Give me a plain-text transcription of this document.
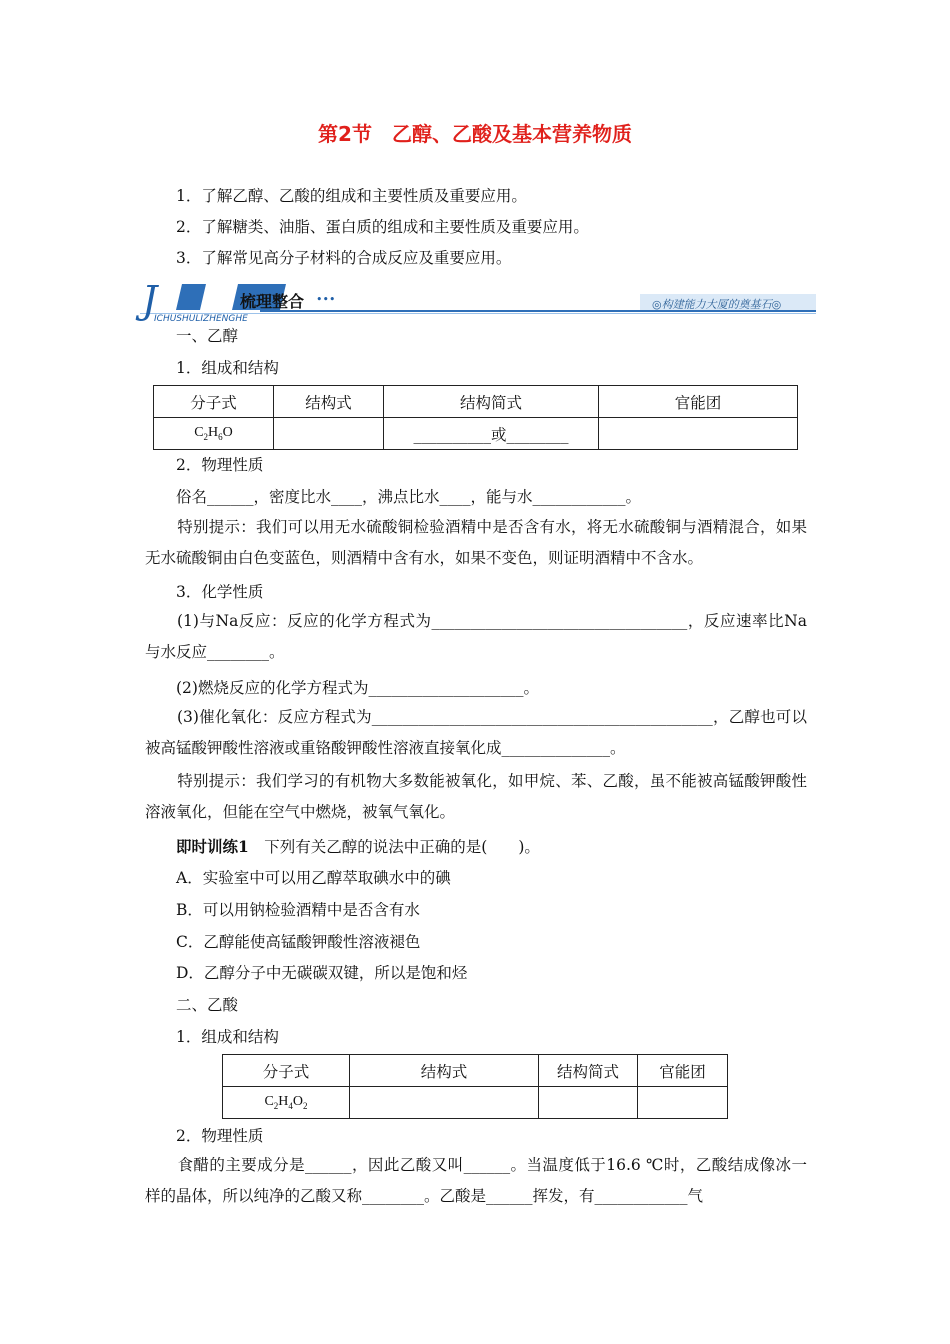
第2节　乙醇、乙酸及基本营养物质
1．了解乙醇、乙酸的组成和主要性质及重要应用。
2．了解糖类、油脂、蛋白质的组成和主要性质及重要应用。
3．了解常见高分子材料的合成反应及重要应用。
J	梳理整合 •••
ICHUSHULIZHENGHE
◎构建能力大厦的奠基石◎
一、乙醇
1．组成和结构
分子式	结构式	结构简式	官能团
$C_2H_6O$		__________或________	
2．物理性质
俗名______，密度比水____，沸点比水____，能与水____________。
特别提示：我们可以用无水硫酸铜检验酒精中是否含有水，将无水硫酸铜与酒精混合，如果无水硫酸铜由白色变蓝色，则酒精中含有水，如果不变色，则证明酒精中不含水。
3．化学性质
(1)与Na反应：反应的化学方程式为_________________________________，反应速率比Na与水反应________。
(2)燃烧反应的化学方程式为____________________。
(3)催化氧化：反应方程式为____________________________________________，乙醇也可以被高锰酸钾酸性溶液或重铬酸钾酸性溶液直接氧化成______________。
特别提示：我们学习的有机物大多数能被氧化，如甲烷、苯、乙酸，虽不能被高锰酸钾酸性溶液氧化，但能在空气中燃烧，被氧气氧化。
即时训练1　下列有关乙醇的说法中正确的是(　　)。
A．实验室中可以用乙醇萃取碘水中的碘
B．可以用钠检验酒精中是否含有水
C．乙醇能使高锰酸钾酸性溶液褪色
D．乙醇分子中无碳碳双键，所以是饱和烃
二、乙酸
1．组成和结构
分子式	结构式	结构简式	官能团
$C_2H_4O_2$			
2．物理性质
食醋的主要成分是______，因此乙酸又叫______。当温度低于16.6 ℃时，乙酸结成像冰一样的晶体，所以纯净的乙酸又称________。乙酸是______挥发，有____________气
